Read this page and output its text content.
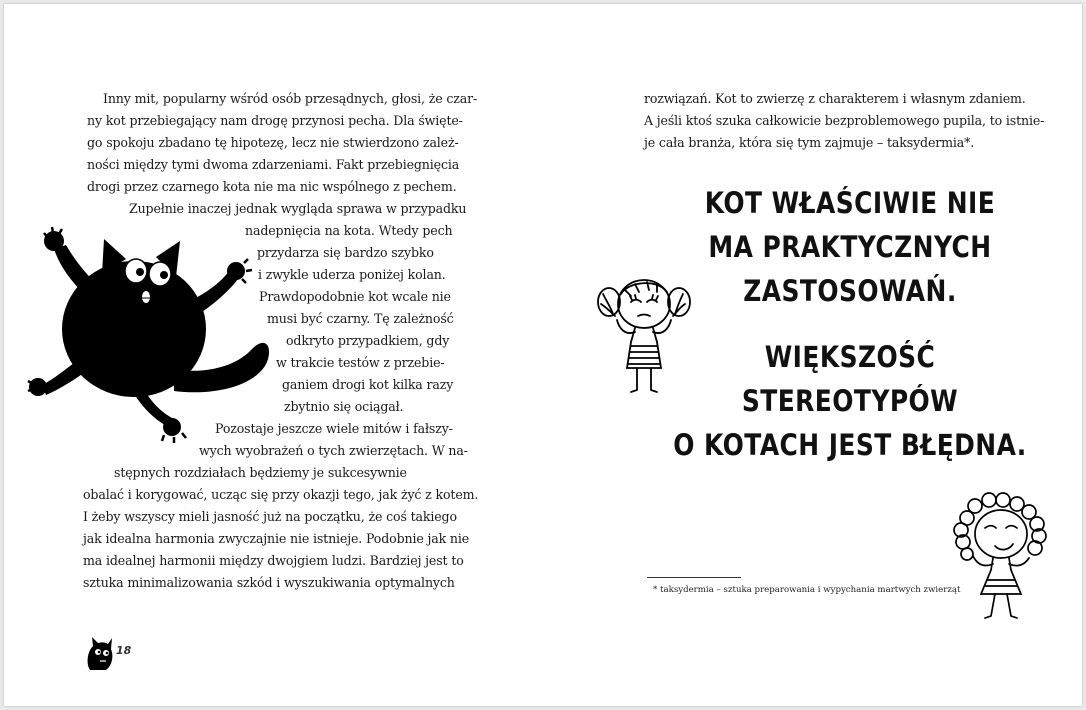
Inny mit, popularny wśród osób przesądnych, głosi, że czar-
ny kot przebiegający nam drogę przynosi pecha. Dla święte-
go spokoju zbadano tę hipotezę, lecz nie stwierdzono zależ-
ności między tymi dwoma zdarzeniami. Fakt przebiegnięcia
drogi przez czarnego kota nie ma nic wspólnego z pechem.
Zupełnie inaczej jednak wygląda sprawa w przypadku
nadepnięcia na kota. Wtedy pech
przydarza się bardzo szybko
i zwykle uderza poniżej kolan.
Prawdopodobnie kot wcale nie
musi być czarny. Tę zależność
odkryto przypadkiem, gdy
w trakcie testów z przebie-
ganiem drogi kot kilka razy
zbytnio się ociągał.
Pozostaje jeszcze wiele mitów i fałszy-
wych wyobrażeń o tych zwierzętach. W na-
stępnych rozdziałach będziemy je sukcesywnie
obalać i korygować, ucząc się przy okazji tego, jak żyć z kotem.
I żeby wszyscy mieli jasność już na początku, że coś takiego
jak idealna harmonia zwyczajnie nie istnieje. Podobnie jak nie
ma idealnej harmonii między dwojgiem ludzi. Bardziej jest to
sztuka minimalizowania szkód i wyszukiwania optymalnych
18
rozwiązań. Kot to zwierzę z charakterem i własnym zdaniem.
A jeśli ktoś szuka całkowicie bezproblemowego pupila, to istnie-
je cała branża, która się tym zajmuje – taksydermia*.
KOT WŁAŚCIWIE NIE
MA PRAKTYCZNYCH
ZASTOSOWAŃ.
WIĘKSZOŚĆ
STEREOTYPÓW
O KOTACH JEST BŁĘDNA.
* taksydermia – sztuka preparowania i wypychania martwych zwierząt
